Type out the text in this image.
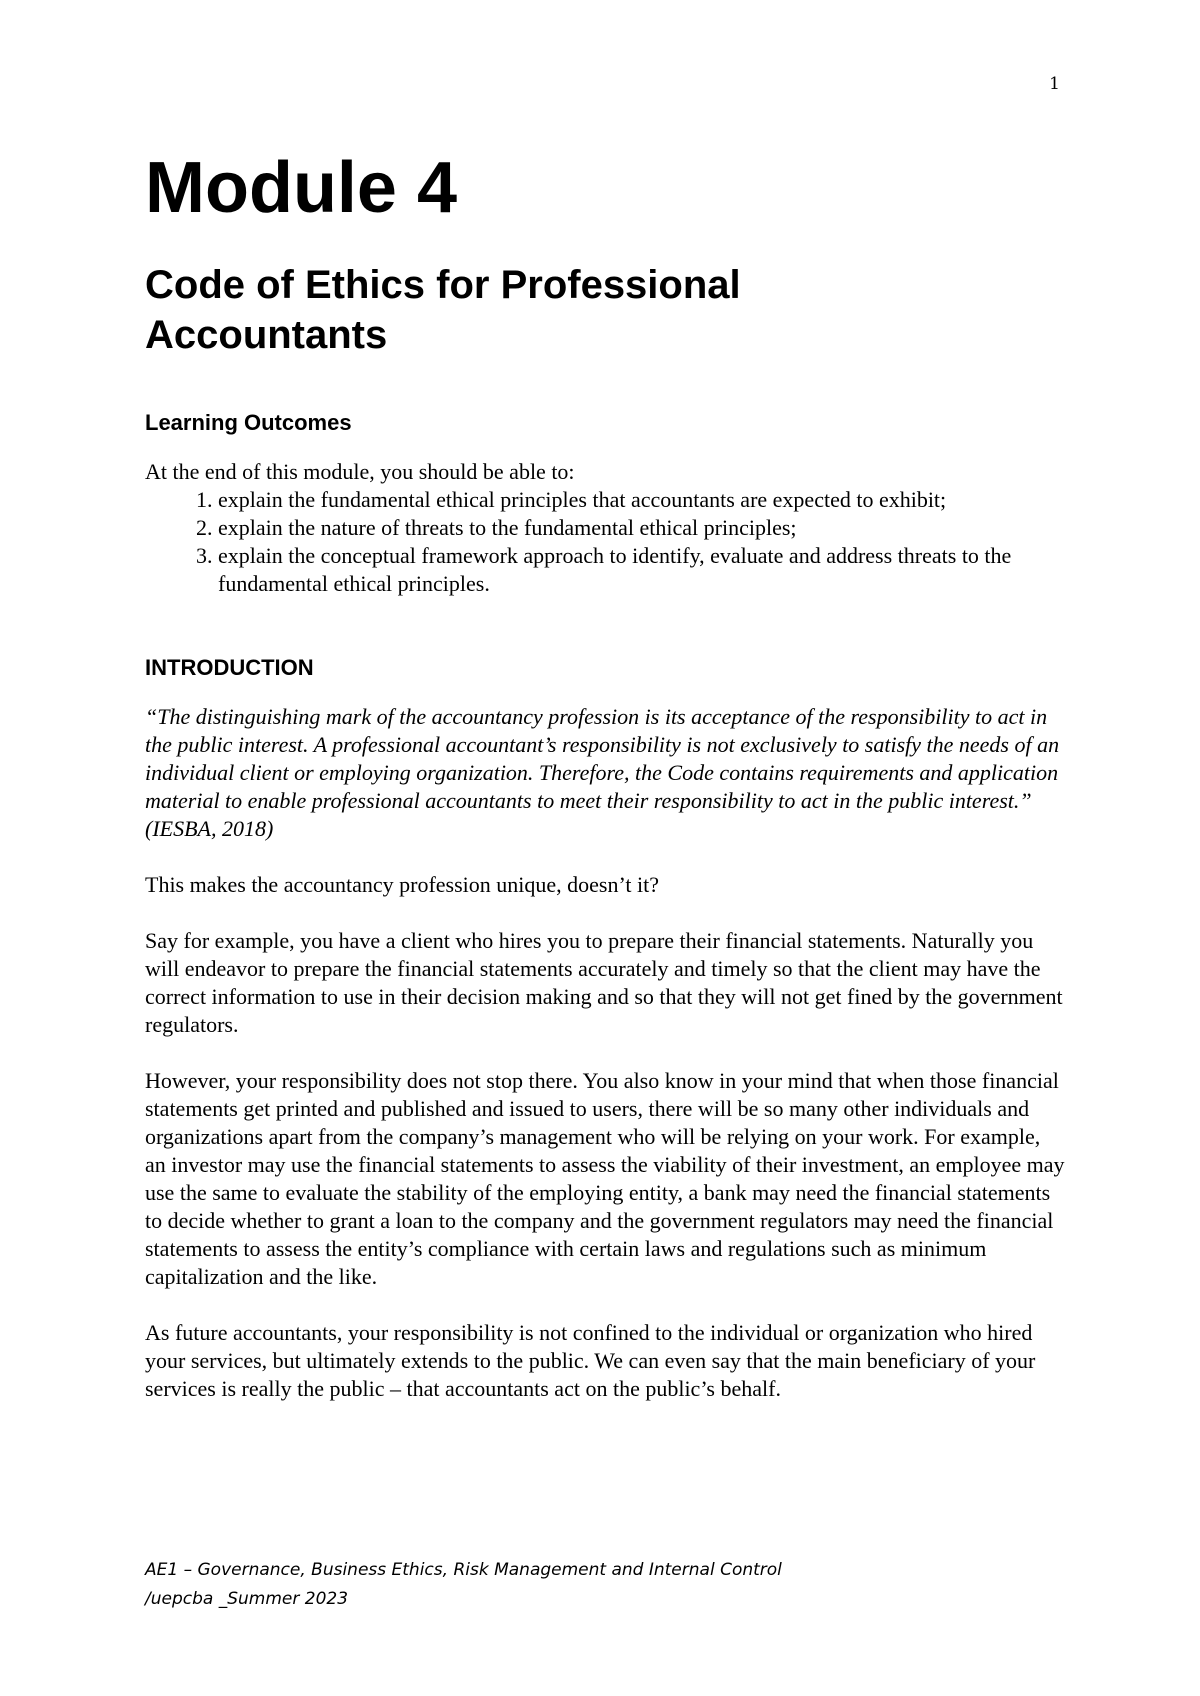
1
Module 4
Code of Ethics for Professional Accountants
Learning Outcomes

At the end of this module, you should be able to:

1. explain the fundamental ethical principles that accountants are expected to exhibit;
2. explain the nature of threats to the fundamental ethical principles;
3. explain the conceptual framework approach to identify, evaluate and address threats to the fundamental ethical principles.
INTRODUCTION

“The distinguishing mark of the accountancy profession is its acceptance of the responsibility to act in the public interest. A professional accountant’s responsibility is not exclusively to satisfy the needs of an individual client or employing organization. Therefore, the Code contains requirements and application material to enable professional accountants to meet their responsibility to act in the public interest.” (IESBA, 2018)

This makes the accountancy profession unique, doesn’t it?

Say for example, you have a client who hires you to prepare their financial statements. Naturally you will endeavor to prepare the financial statements accurately and timely so that the client may have the correct information to use in their decision making and so that they will not get fined by the government regulators.

However, your responsibility does not stop there. You also know in your mind that when those financial statements get printed and published and issued to users, there will be so many other individuals and organizations apart from the company’s management who will be relying on your work. For example, an investor may use the financial statements to assess the viability of their investment, an employee may use the same to evaluate the stability of the employing entity, a bank may need the financial statements to decide whether to grant a loan to the company and the government regulators may need the financial statements to assess the entity’s compliance with certain laws and regulations such as minimum capitalization and the like.

As future accountants, your responsibility is not confined to the individual or organization who hired your services, but ultimately extends to the public. We can even say that the main beneficiary of your services is really the public – that accountants act on the public’s behalf.

AE1 – Governance, Business Ethics, Risk Management and Internal Control
/uepcba _Summer 2023
